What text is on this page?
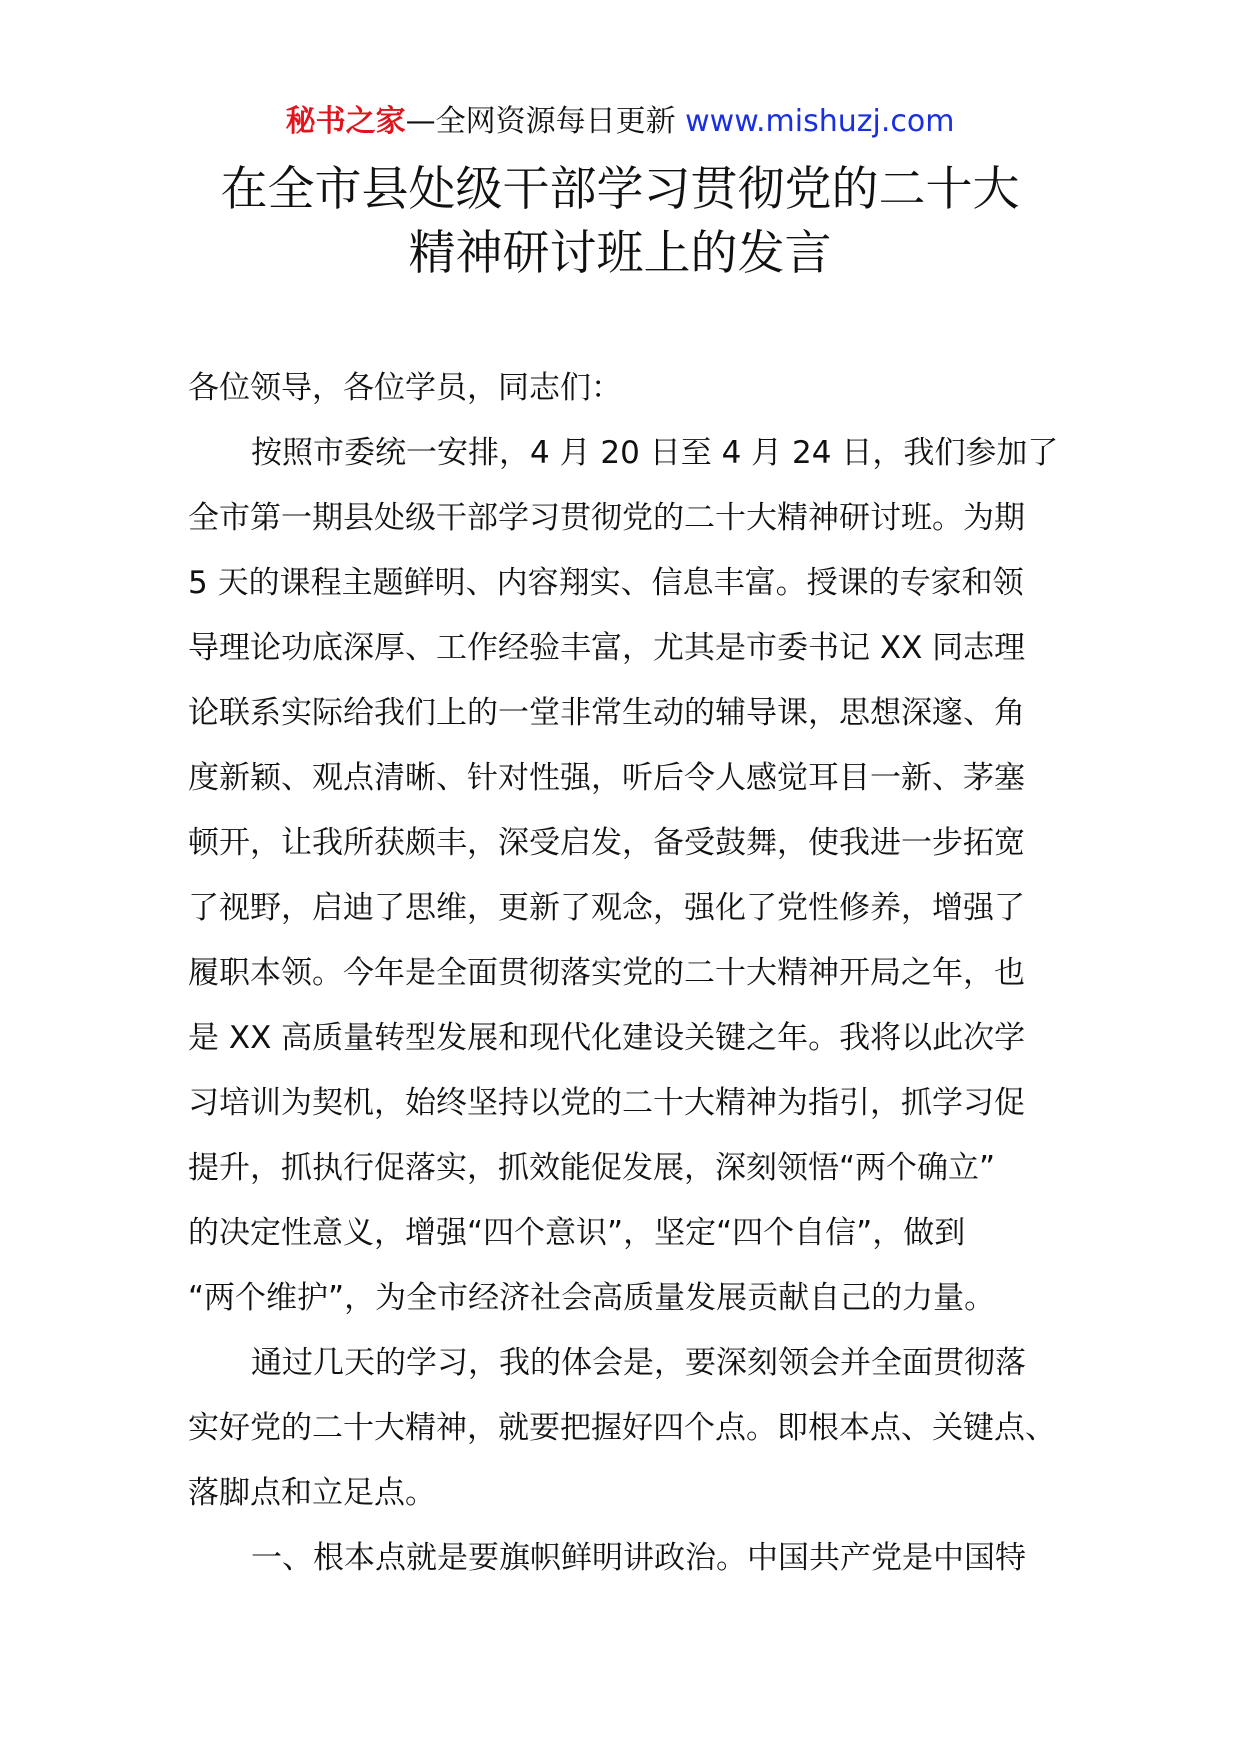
秘书之家—全网资源每日更新 www.mishuzj.com
在全市县处级干部学习贯彻党的二十大
精神研讨班上的发言
各位领导，各位学员，同志们：
按照市委统一安排，4 月 20 日至 4 月 24 日，我们参加了
全市第一期县处级干部学习贯彻党的二十大精神研讨班。为期
5 天的课程主题鲜明、内容翔实、信息丰富。授课的专家和领
导理论功底深厚、工作经验丰富，尤其是市委书记 XX 同志理
论联系实际给我们上的一堂非常生动的辅导课，思想深邃、角
度新颖、观点清晰、针对性强，听后令人感觉耳目一新、茅塞
顿开，让我所获颇丰，深受启发，备受鼓舞，使我进一步拓宽
了视野，启迪了思维，更新了观念，强化了党性修养，增强了
履职本领。今年是全面贯彻落实党的二十大精神开局之年，也
是 XX 高质量转型发展和现代化建设关键之年。我将以此次学
习培训为契机，始终坚持以党的二十大精神为指引，抓学习促
提升，抓执行促落实，抓效能促发展，深刻领悟“两个确立”
的决定性意义，增强“四个意识”，坚定“四个自信”，做到
“两个维护”，为全市经济社会高质量发展贡献自己的力量。
通过几天的学习，我的体会是，要深刻领会并全面贯彻落
实好党的二十大精神，就要把握好四个点。即根本点、关键点、
落脚点和立足点。
一、根本点就是要旗帜鲜明讲政治。中国共产党是中国特
